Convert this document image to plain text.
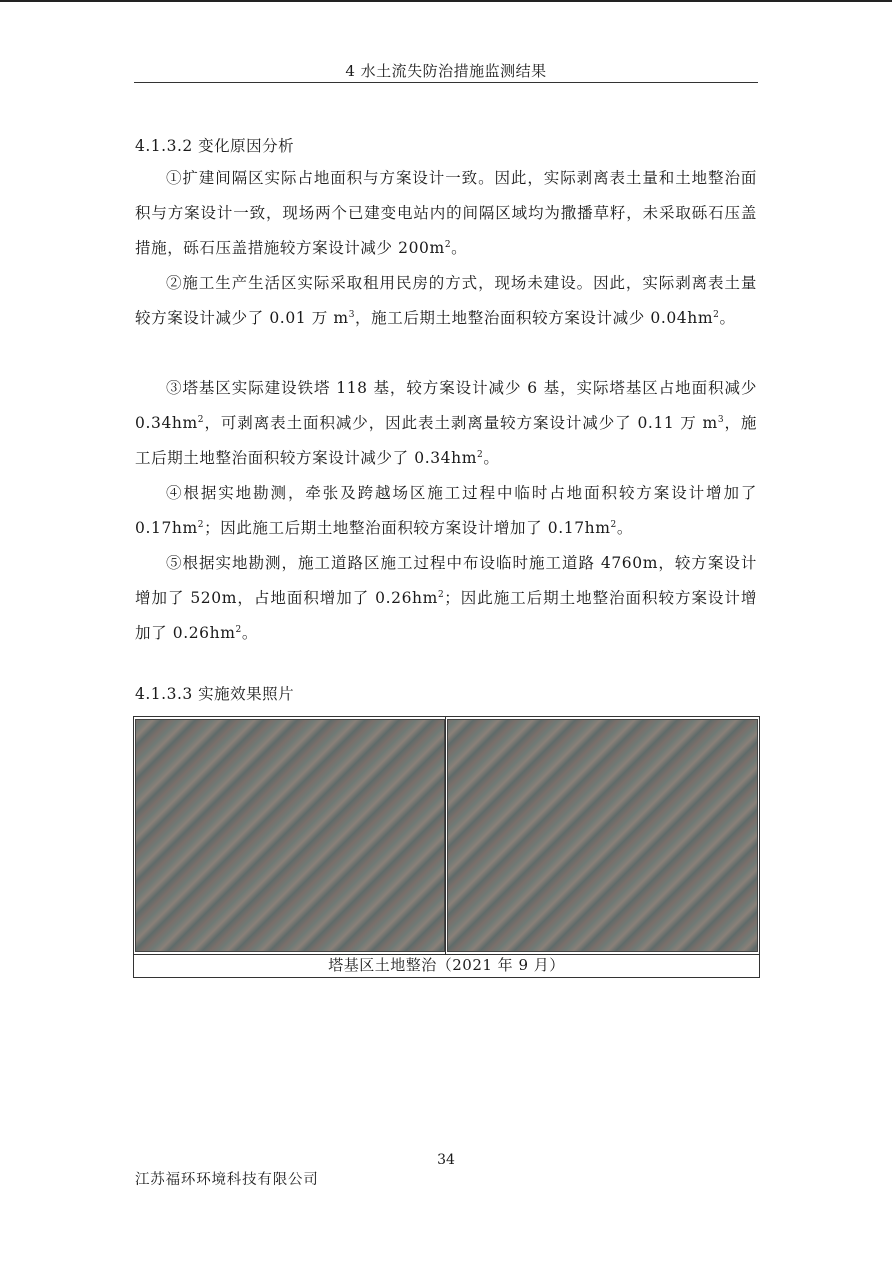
4 水土流失防治措施监测结果
4.1.3.2 变化原因分析

①扩建间隔区实际占地面积与方案设计一致。因此，实际剥离表土量和土地整治面积与方案设计一致，现场两个已建变电站内的间隔区域均为撒播草籽，未采取砾石压盖措施，砾石压盖措施较方案设计减少 $200m^2$。

②施工生产生活区实际采取租用民房的方式，现场未建设。因此，实际剥离表土量较方案设计减少了 0.01 万 $m^3$，施工后期土地整治面积较方案设计减少 $0.04hm^2$。

③塔基区实际建设铁塔 118 基，较方案设计减少 6 基，实际塔基区占地面积减少 $0.34hm^2$，可剥离表土面积减少，因此表土剥离量较方案设计减少了 0.11 万 $m^3$，施工后期土地整治面积较方案设计减少了 $0.34hm^2$。

④根据实地勘测，牵张及跨越场区施工过程中临时占地面积较方案设计增加了 $0.17hm^2$；因此施工后期土地整治面积较方案设计增加了 $0.17hm^2$。

⑤根据实地勘测，施工道路区施工过程中布设临时施工道路 4760m，较方案设计增加了 520m，占地面积增加了 $0.26hm^2$；因此施工后期土地整治面积较方案设计增加了 $0.26hm^2$。

4.1.3.3 实施效果照片
塔基区土地整治（2021 年 9 月）
34
江苏福环环境科技有限公司
